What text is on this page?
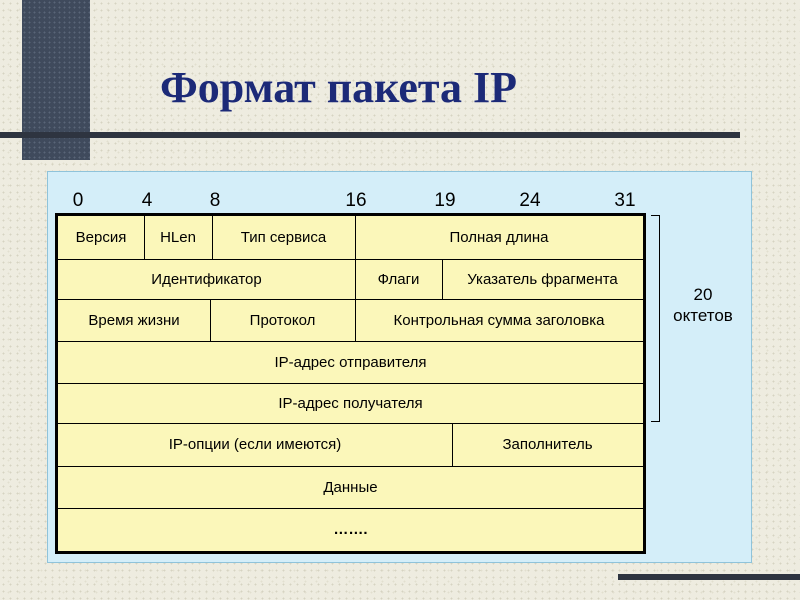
Формат пакета IP
0	4	8	16	19	24	31
Версия	HLen	Тип сервиса	Полная длина
Идентификатор	Флаги	Указатель фрагмента
Время жизни	Протокол	Контрольная сумма заголовка
IP-адрес отправителя
IP-адрес получателя
IP-опции (если имеются)	Заполнитель
Данные
…….
20
октетов
